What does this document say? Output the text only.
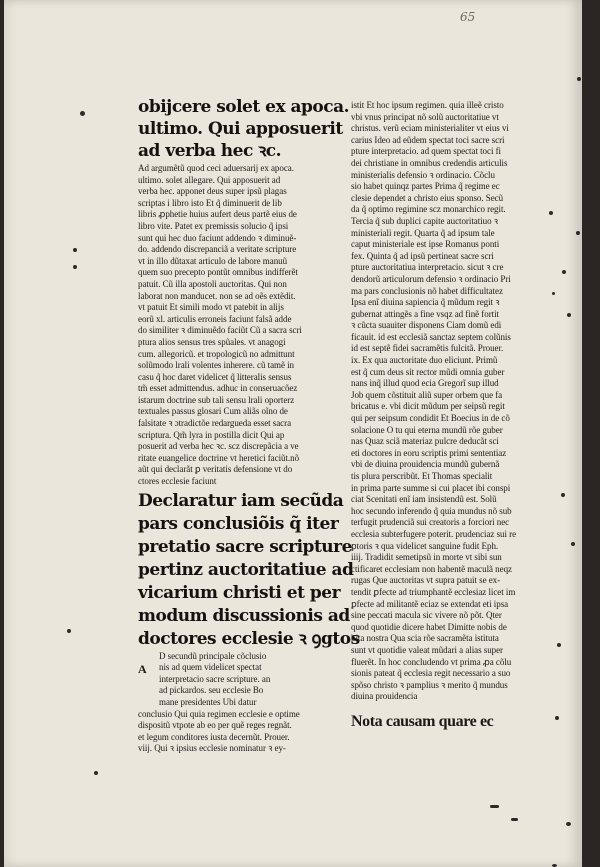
65
obijcere solet ex apoca.
ultimo. Qui apposuerit
ad verba hec ꝛc.

Ad argumẽtũ quod ceci aduersarij ex apoca.

ultimo. solet allegare. Qui apposuerit ad

verba hec. apponet deus super ipsũ plagas

scriptas i libro isto Et q̃ diminuerit de lib

libris ꝓphetie huius aufert deus partẽ eius de

libro vite. Patet ex premissis solucio q̃ ipsi

sunt qui hec duo faciunt addendo ꝛ diminuẽ-

do. addendo discrepanciã a veritate scripture

vt in illo dũtaxat articulo de labore manuũ

quem suo precepto pontũt omnibus indifferẽt

patuit. Cũ illa apostoli auctoritas. Qui non

laborat non manducet. non se ad oẽs extẽdit.

vt patuit Et simili modo vt patebit in alijs

eorũ xl. articulis erroneis faciunt falsã adde

do similiter ꝛ diminuẽdo faciũt Cũ a sacra scri

ptura alios sensus tres spũales. vt anagogi

cum. allegoricũ. et tropologicũ no admittunt

solũmodo lrali volentes inherere. cũ tamẽ in

casu q̃ hoc daret videlicet q̃ litteralis sensus

tm̃ esset admittendus. adhuc in conseruacõez

istarum doctrine sub tali sensu lrali oporterz

textuales passus glosari Cum aliãs oĩno de

falsitate ꝛ ɔtradictõe redargueda esset sacra

scriptura. Qm̃ lyra in postilla dicit Qui ap

posuerit ad verba hec ꝛc. scz discrepãcia a ve

ritate euangelice doctrine vt heretici faciũt.nõ

aũt qui declarãt ꝑ veritatis defensione vt do

ctores ecclesie faciunt

Declaratur iam secũda
pars conclusiõis q̃ iter
pretatio sacre scripture
pertinz auctoritatiue ad
vicarium christi et per
modum discussionis ad
doctores ecclesie ꝛ ꝯgtos
A

D secundũ principale cõclusio

nis ad quem videlicet spectat

interpretacio sacre scripture. an

ad pickardos. seu ecclesie Bo

mane presidentes Ubi datur

conclusio Qui quia regimen ecclesie e optime

dispositũ vtpote ab eo per quẽ reges regnãt.

et legum conditores iusta decernũt. Prouer.

viij. Qui ꝛ ipsius ecclesie nominatur ꝛ ey-

istit Et hoc ipsum regimen. quia illeẽ cristo

vbi vnus principat nõ solũ auctoritatiue vt

christus. verũ eciam ministerialiter vt eius vi

carius Ideo ad eũdem spectat toci sacre scri

pture interpretacio. ad quem spectat toci fi

dei christiane in omnibus credendis articulis

ministerialis defensio ꝛ ordinacio. Cõclu

sio habet quinqz partes Prima q̃ regime ec

clesie dependet a christo eius sponso. Secũ

da q̃ optimo regimine scz monarchico regit.

Tercia q̃ sub duplici capite auctoritatiuo ꝛ

ministeriali regit. Quarta q̃ ad ipsum tale

caput ministeriale est ipse Romanus ponti

fex. Quinta q̃ ad ipsũ pertineat sacre scri

pture auctoritatiua interpretacio. sicut ꝛ cre

dendorũ articulorum defensio ꝛ ordinacio Pri

ma pars conclusionis nõ habet difficultatez

Ipsa enĩ diuina sapiencia q̃ mũdum regit ꝛ

gubernat attingẽs a fine vsqz ad finẽ fortit

ꝛ cũcta suauiter disponens Ciam domũ edi

ficauit. id est ecclesiã sanctaz septem colũnis

id est septẽ fidei sacramẽtis fulcitã. Prouer.

ix. Ex qua auctoritate duo eliciunt. Primũ

est q̃ cum deus sit rector mũdi omnia guber

nans inq̃ illud quod ecia Gregorĩ sup illud

Job quem cõstituit aliũ super orbem que fa

bricatus e. vbi dicit mũdum per seipsũ regit

qui per seipsum condidit Et Boecius in de cõ

solacione O tu qui eterna mundũ rõe guber

nas Quaz sciã materiaz pulcre deducãt sci

eti doctores in eoru scriptis primi sententiaz

vbi de diuina prouidencia mundũ gubernã

tis plura perscribũt. Et Thomas specialit

in prima parte summe si cui placet ibi conspi

ciat Scenitati enĩ iam insistendũ est. Solũ

hoc secundo inferendo q̃ quia mundus nõ sub

terfugit prudenciã sui creatoris a forciori nec

ecclesia subterfugere poterit. prudenciaz sui re

ꝑtoris ꝛ qua videlicet sanguine fudit Eph.

iiij. Tradidit semetipsũ in morte vt sibi sun

ctificaret ecclesiam non habentẽ maculã neqz

rugas Que auctoritas vt supra patuit se ex-

tendit ꝑfecte ad triumphantẽ ecclesiaz licet im

ꝑfecte ad militantẽ eciaz se extendat eti ipsa

sine peccati macula sic vivere nõ põt. Qter

quod quotidie dicere habet Dimitte nobis de

bita nostra Qua scia rõe sacramẽta istituta

sunt vt quotidie valeat mũdari a alias super

fluerẽt. In hoc concludendo vt prima ꝓa cõlu

sionis pateat q̃ ecclesia regit necessario a suo

spõso christo ꝛ pamplius ꝛ merito q̃ mundus

diuina prouidencia

Nota causam quare ec
